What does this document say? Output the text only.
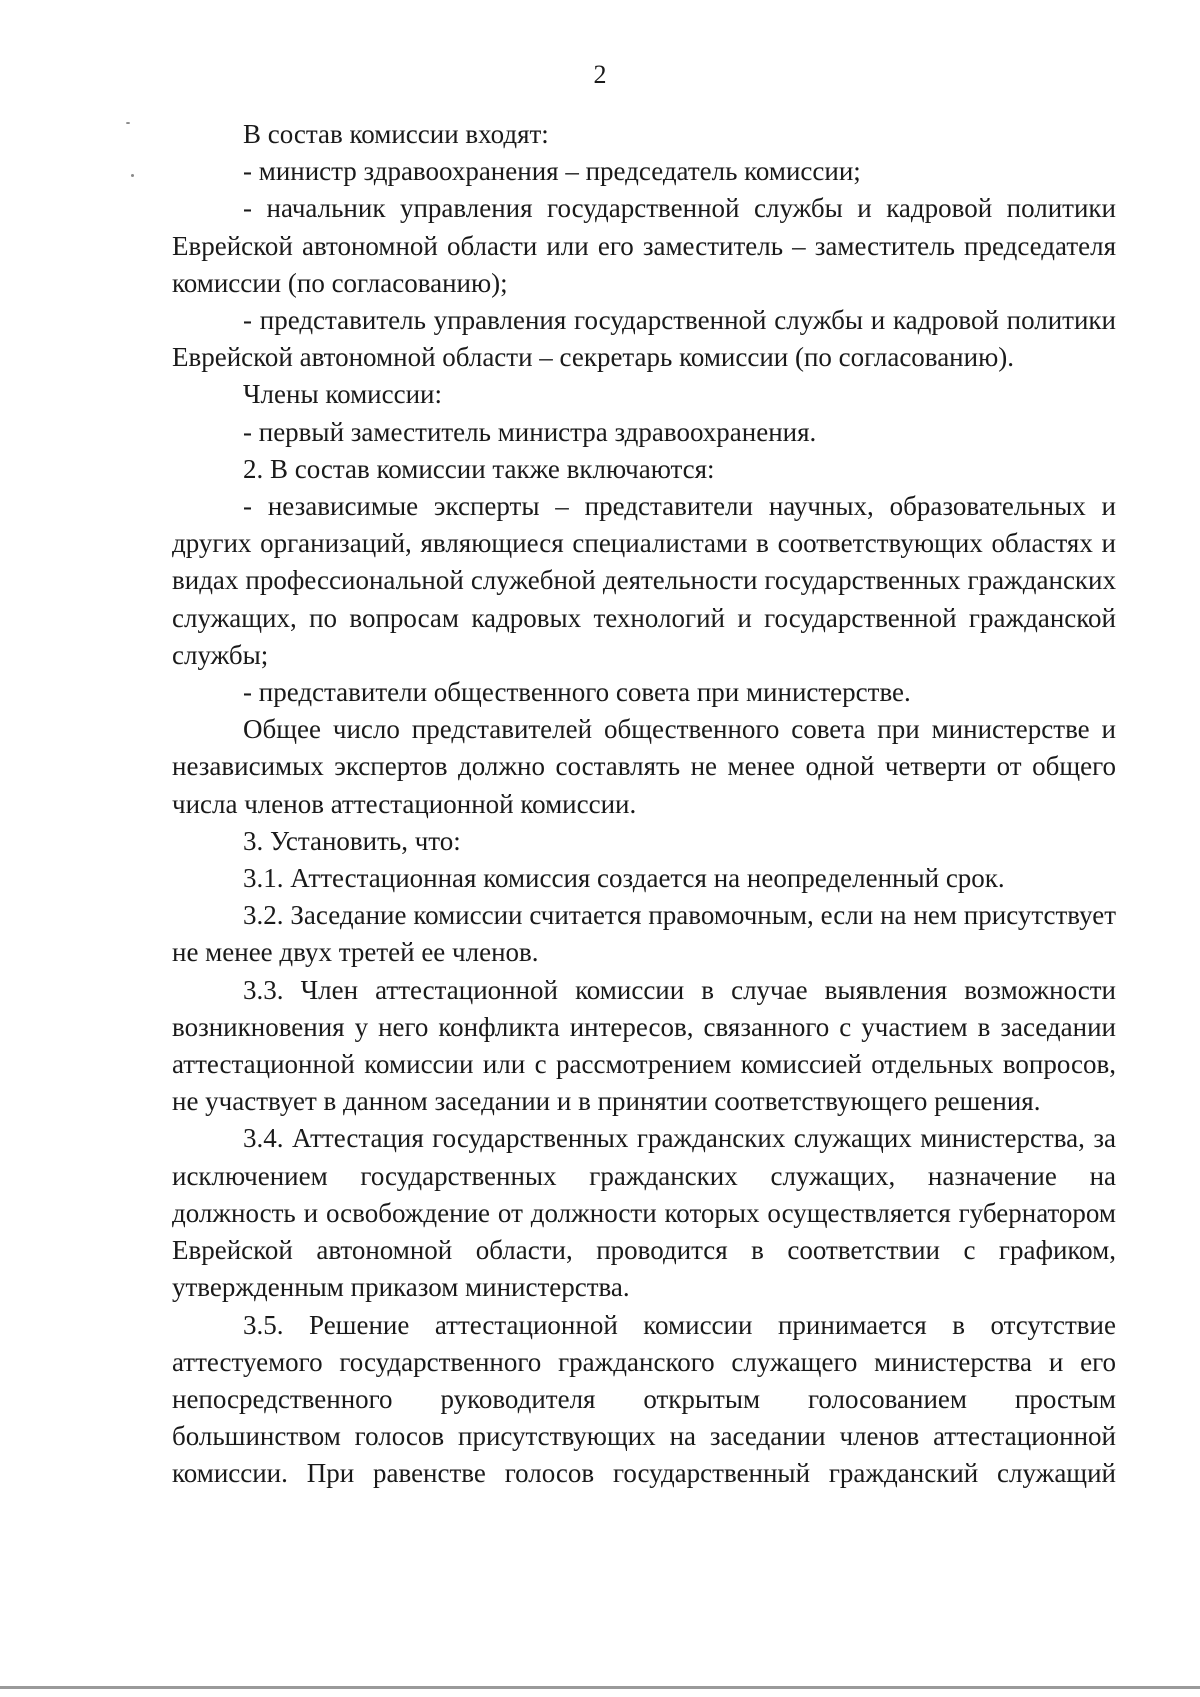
2

В состав комиссии входят:

- министр здравоохранения – председатель комиссии;

- начальник управления государственной службы и кадровой политики Еврейской автономной области или его заместитель – заместитель председателя комиссии (по согласованию);

- представитель управления государственной службы и кадровой политики Еврейской автономной области – секретарь комиссии (по согласованию).

Члены комиссии:

- первый заместитель министра здравоохранения.

2. В состав комиссии также включаются:

- независимые эксперты – представители научных, образовательных и других организаций, являющиеся специалистами в соответствующих областях и видах профессиональной служебной деятельности государственных гражданских служащих, по вопросам кадровых технологий и государственной гражданской службы;

- представители общественного совета при министерстве.

Общее число представителей общественного совета при министерстве и независимых экспертов должно составлять не менее одной четверти от общего числа членов аттестационной комиссии.

3. Установить, что:

3.1. Аттестационная комиссия создается на неопределенный срок.

3.2. Заседание комиссии считается правомочным, если на нем присутствует не менее двух третей ее членов.

3.3. Член аттестационной комиссии в случае выявления возможности возникновения у него конфликта интересов, связанного с участием в заседании аттестационной комиссии или с рассмотрением комиссией отдельных вопросов, не участвует в данном заседании и в принятии соответствующего решения.

3.4. Аттестация государственных гражданских служащих министерства, за исключением государственных гражданских служащих, назначение на должность и освобождение от должности которых осуществляется губернатором Еврейской автономной области, проводится в соответствии с графиком, утвержденным приказом министерства.

3.5. Решение аттестационной комиссии принимается в отсутствие аттестуемого государственного гражданского служащего министерства и его непосредственного руководителя открытым голосованием простым большинством голосов присутствующих на заседании членов аттестационной комиссии. При равенстве голосов государственный гражданский служащий
